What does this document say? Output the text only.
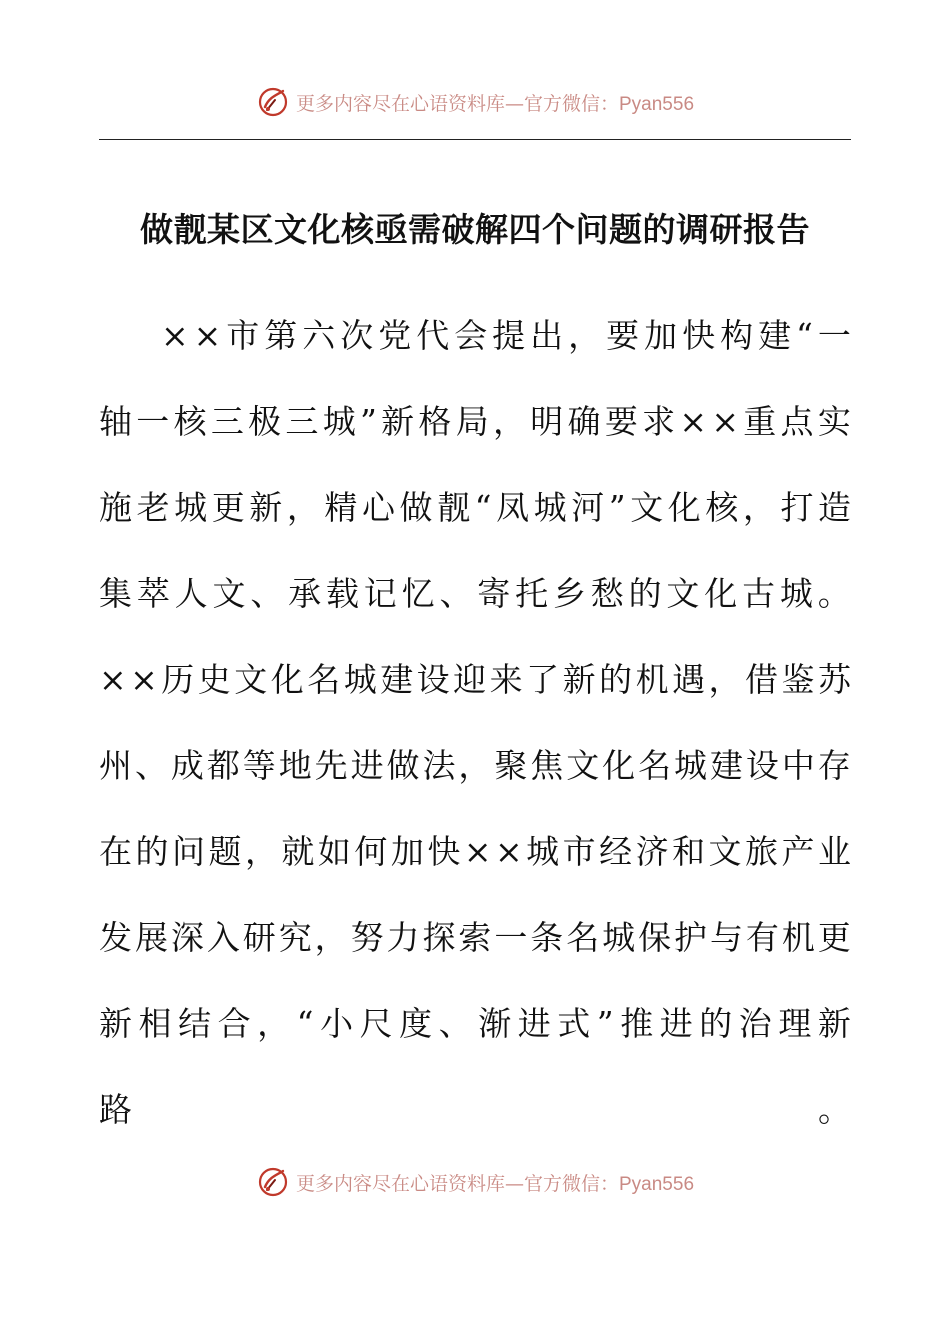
更多内容尽在心语资料库—官方微信：Pyan556
做靓某区文化核亟需破解四个问题的调研报告
× × 市 第 六 次 党 代 会 提 出 ， 要 加 快 构 建 “ 一
轴 一 核 三 极 三 城 ” 新 格 局 ， 明 确 要 求 × × 重 点 实
施 老 城 更 新 ， 精 心 做 靓 “ 凤 城 河 ” 文 化 核 ， 打 造
集 萃 人 文 、 承 载 记 忆 、 寄 托 乡 愁 的 文 化 古 城 。
× × 历 史 文 化 名 城 建 设 迎 来 了 新 的 机 遇 ， 借 鉴 苏
州 、 成 都 等 地 先 进 做 法 ， 聚 焦 文 化 名 城 建 设 中 存
在 的 问 题 ， 就 如 何 加 快 × × 城 市 经 济 和 文 旅 产 业
发 展 深 入 研 究 ， 努 力 探 索 一 条 名 城 保 护 与 有 机 更
新 相 结 合 ， “ 小 尺 度 、 渐 进 式 ” 推 进 的 治 理 新
路	。
更多内容尽在心语资料库—官方微信：Pyan556
